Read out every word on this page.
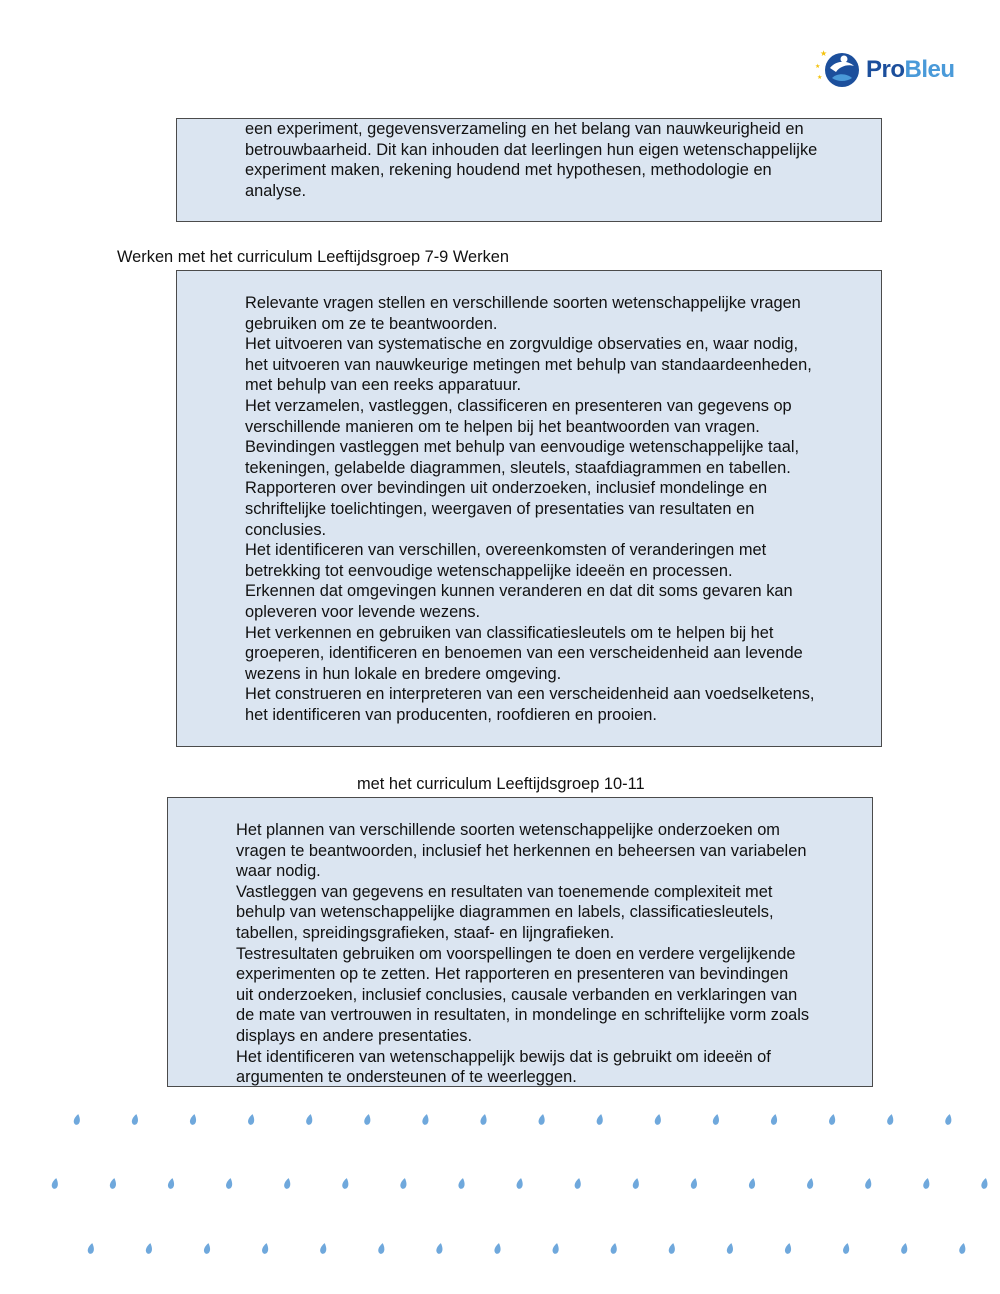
★
★
★ ProBleu
een experiment, gegevensverzameling en het belang van nauwkeurigheid en
betrouwbaarheid. Dit kan inhouden dat leerlingen hun eigen wetenschappelijke
experiment maken, rekening houdend met hypothesen, methodologie en
analyse.
Werken met het curriculum Leeftijdsgroep 7-9 Werken
Relevante vragen stellen en verschillende soorten wetenschappelijke vragen
gebruiken om ze te beantwoorden.
Het uitvoeren van systematische en zorgvuldige observaties en, waar nodig,
het uitvoeren van nauwkeurige metingen met behulp van standaardeenheden,
met behulp van een reeks apparatuur.
Het verzamelen, vastleggen, classificeren en presenteren van gegevens op
verschillende manieren om te helpen bij het beantwoorden van vragen.
Bevindingen vastleggen met behulp van eenvoudige wetenschappelijke taal,
tekeningen, gelabelde diagrammen, sleutels, staafdiagrammen en tabellen.
Rapporteren over bevindingen uit onderzoeken, inclusief mondelinge en
schriftelijke toelichtingen, weergaven of presentaties van resultaten en
conclusies.
Het identificeren van verschillen, overeenkomsten of veranderingen met
betrekking tot eenvoudige wetenschappelijke ideeën en processen.
Erkennen dat omgevingen kunnen veranderen en dat dit soms gevaren kan
opleveren voor levende wezens.
Het verkennen en gebruiken van classificatiesleutels om te helpen bij het
groeperen, identificeren en benoemen van een verscheidenheid aan levende
wezens in hun lokale en bredere omgeving.
Het construeren en interpreteren van een verscheidenheid aan voedselketens,
het identificeren van producenten, roofdieren en prooien.
met het curriculum Leeftijdsgroep 10-11
Het plannen van verschillende soorten wetenschappelijke onderzoeken om
vragen te beantwoorden, inclusief het herkennen en beheersen van variabelen
waar nodig.
Vastleggen van gegevens en resultaten van toenemende complexiteit met
behulp van wetenschappelijke diagrammen en labels, classificatiesleutels,
tabellen, spreidingsgrafieken, staaf- en lijngrafieken.
Testresultaten gebruiken om voorspellingen te doen en verdere vergelijkende
experimenten op te zetten. Het rapporteren en presenteren van bevindingen
uit onderzoeken, inclusief conclusies, causale verbanden en verklaringen van
de mate van vertrouwen in resultaten, in mondelinge en schriftelijke vorm zoals
displays en andere presentaties.
Het identificeren van wetenschappelijk bewijs dat is gebruikt om ideeën of
argumenten te ondersteunen of te weerleggen.
